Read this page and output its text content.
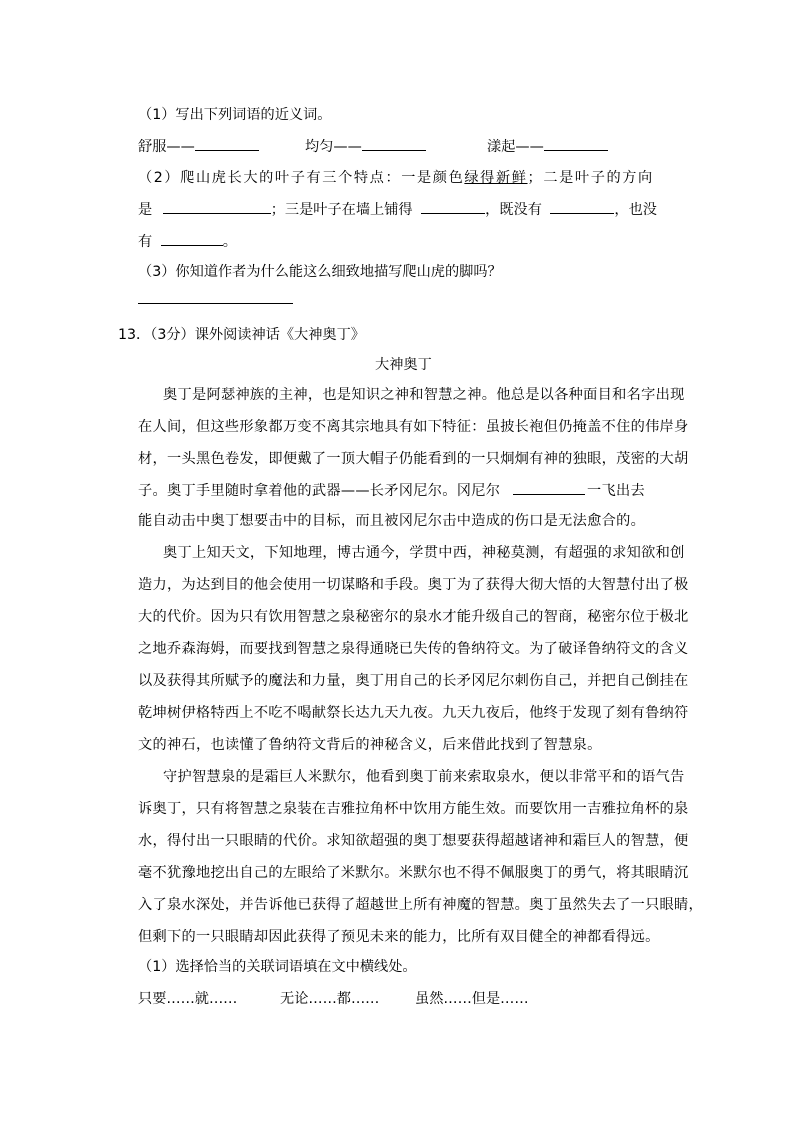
（1）写出下列词语的近义词。
舒服——	均匀——	漾起——
（2）爬山虎长大的叶子有三个特点：一是颜色绿得新鲜；二是叶子的方向
是	；三是叶子在墙上铺得	，既没有	，也没
有	。
（3）你知道作者为什么能这么细致地描写爬山虎的脚吗？
13．（3分）课外阅读神话《大神奥丁》
大神奥丁
奥丁是阿瑟神族的主神，也是知识之神和智慧之神。他总是以各种面目和名字出现
在人间，但这些形象都万变不离其宗地具有如下特征：虽披长袍但仍掩盖不住的伟岸身
材，一头黑色卷发，即便戴了一顶大帽子仍能看到的一只炯炯有神的独眼，茂密的大胡
子。奥丁手里随时拿着他的武器——长矛冈尼尔。冈尼尔	一飞出去
能自动击中奥丁想要击中的目标，而且被冈尼尔击中造成的伤口是无法愈合的。
奥丁上知天文，下知地理，博古通今，学贯中西，神秘莫测，有超强的求知欲和创
造力，为达到目的他会使用一切谋略和手段。奥丁为了获得大彻大悟的大智慧付出了极
大的代价。因为只有饮用智慧之泉秘密尔的泉水才能升级自己的智商，秘密尔位于极北
之地乔森海姆，而要找到智慧之泉得通晓已失传的鲁纳符文。为了破译鲁纳符文的含义
以及获得其所赋予的魔法和力量，奥丁用自己的长矛冈尼尔刺伤自己，并把自己倒挂在
乾坤树伊格特西上不吃不喝献祭长达九天九夜。九天九夜后，他终于发现了刻有鲁纳符
文的神石，也读懂了鲁纳符文背后的神秘含义，后来借此找到了智慧泉。
守护智慧泉的是霜巨人米默尔，他看到奥丁前来索取泉水，便以非常平和的语气告
诉奥丁，只有将智慧之泉装在吉雅拉角杯中饮用方能生效。而要饮用一吉雅拉角杯的泉
水，得付出一只眼睛的代价。求知欲超强的奥丁想要获得超越诸神和霜巨人的智慧，便
毫不犹豫地挖出自己的左眼给了米默尔。米默尔也不得不佩服奥丁的勇气，将其眼睛沉
入了泉水深处，并告诉他已获得了超越世上所有神魔的智慧。奥丁虽然失去了一只眼睛，
但剩下的一只眼睛却因此获得了预见未来的能力，比所有双目健全的神都看得远。
（1）选择恰当的关联词语填在文中横线处。
只要……就……	无论……都……	虽然……但是……
